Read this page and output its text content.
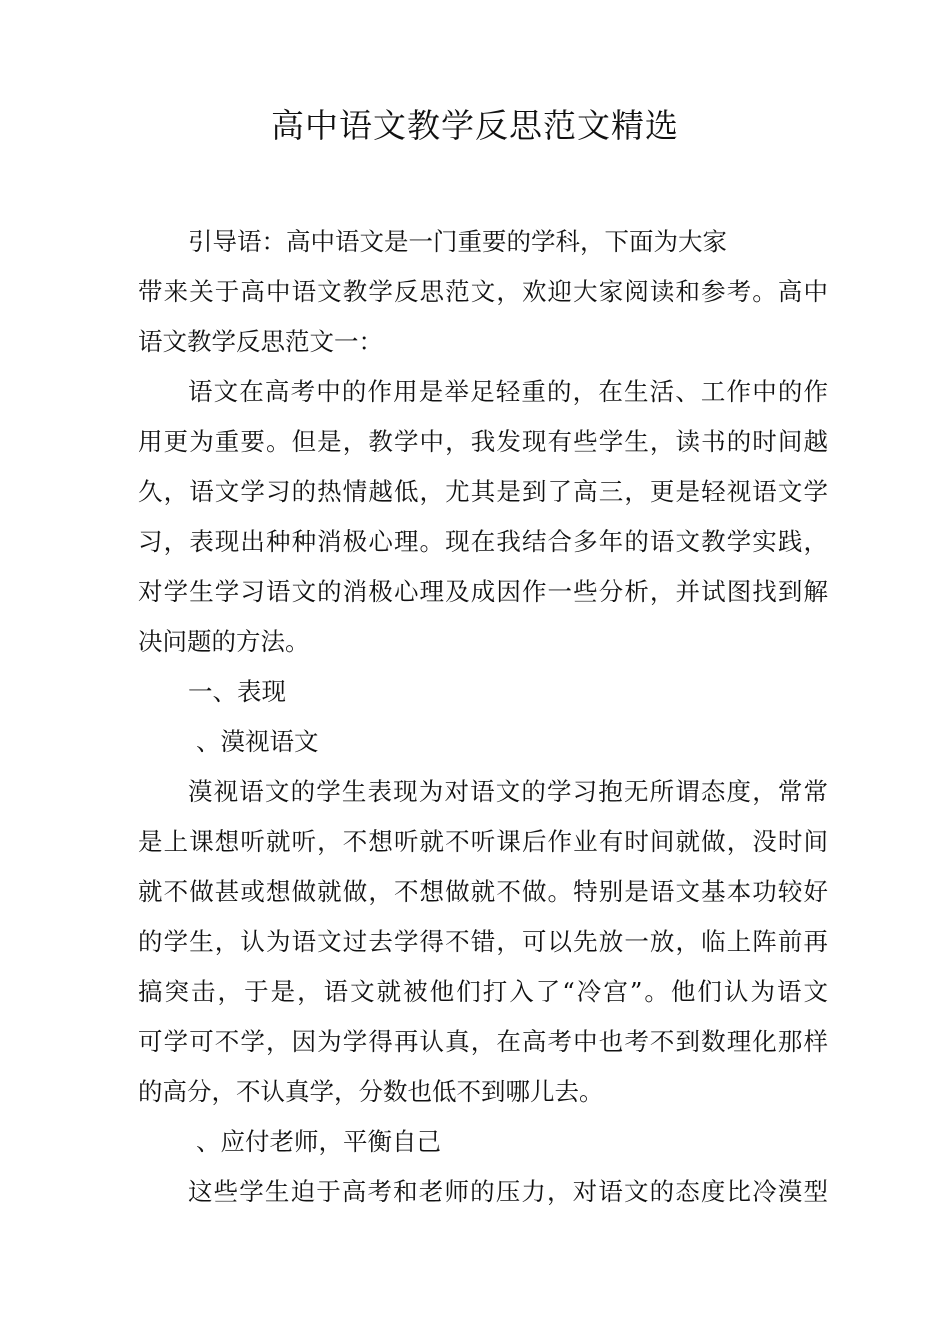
高中语文教学反思范文精选

引导语：高中语文是一门重要的学科，下面为大家

带来关于高中语文教学反思范文，欢迎大家阅读和参考。高中

语文教学反思范文一：

语文在高考中的作用是举足轻重的，在生活、工作中的作

用更为重要。但是，教学中，我发现有些学生，读书的时间越

久，语文学习的热情越低，尤其是到了高三，更是轻视语文学

习，表现出种种消极心理。现在我结合多年的语文教学实践，

对学生学习语文的消极心理及成因作一些分析，并试图找到解

决问题的方法。

一、表现

、漠视语文

漠视语文的学生表现为对语文的学习抱无所谓态度，常常

是上课想听就听，不想听就不听课后作业有时间就做，没时间

就不做甚或想做就做，不想做就不做。特别是语文基本功较好

的学生，认为语文过去学得不错，可以先放一放，临上阵前再

搞突击，于是，语文就被他们打入了“冷宫”。他们认为语文

可学可不学，因为学得再认真，在高考中也考不到数理化那样

的高分，不认真学，分数也低不到哪儿去。

、应付老师，平衡自己

这些学生迫于高考和老师的压力，对语文的态度比冷漠型
